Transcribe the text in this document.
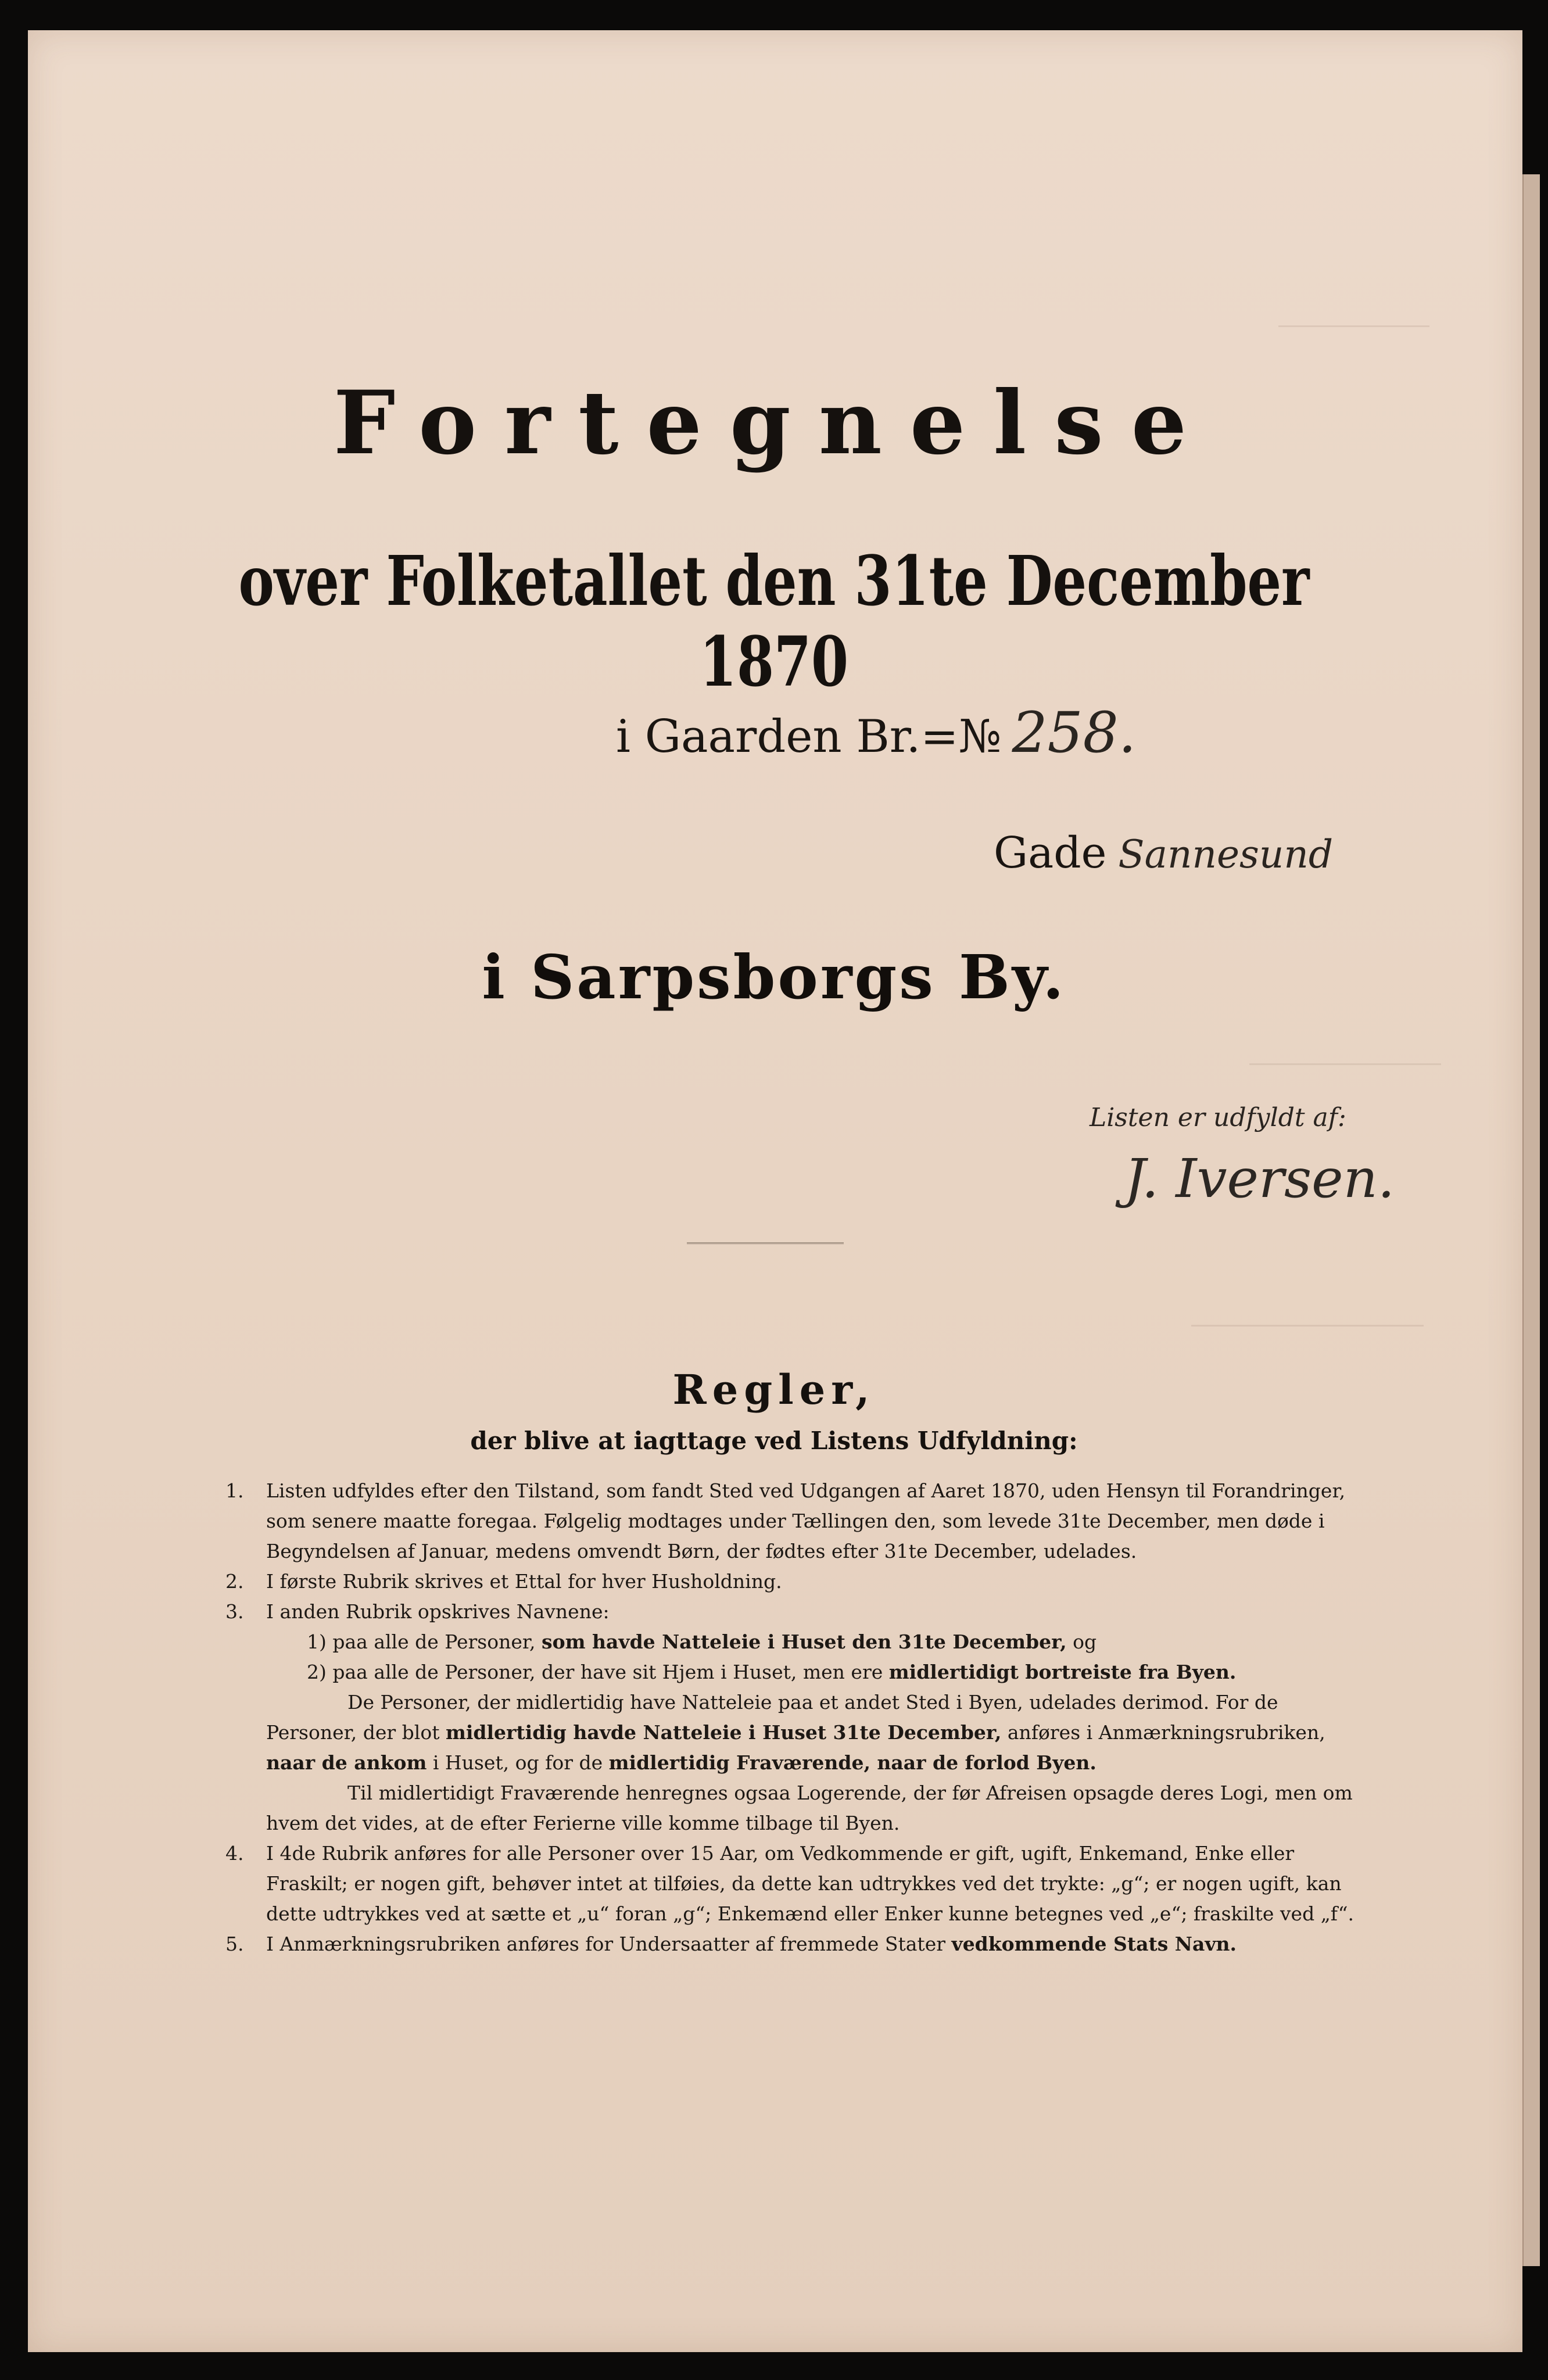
Fortegnelse
over Folketallet den 31te December 1870
i Gaarden Br.=№ 258.
Gade Sannesund
i Sarpsborgs By.
Listen er udfyldt af:
J. Iversen.
Regler,
der blive at iagttage ved Listens Udfyldning:
1. Listen udfyldes efter den Tilstand, som fandt Sted ved Udgangen af Aaret 1870, uden Hensyn til Forandringer, som senere maatte foregaa. Følgelig modtages under Tællingen den, som levede 31te December, men døde i Begyndelsen af Januar, medens omvendt Børn, der fødtes efter 31te December, udelades.
2. I første Rubrik skrives et Ettal for hver Husholdning.
3. I anden Rubrik opskrives Navnene:
1) paa alle de Personer, som havde Natteleie i Huset den 31te December, og
2) paa alle de Personer, der have sit Hjem i Huset, men ere midlertidigt bortreiste fra Byen.
De Personer, der midlertidig have Natteleie paa et andet Sted i Byen, udelades derimod. For de Personer, der blot midlertidig havde Natteleie i Huset 31te December, anføres i Anmærkningsrubriken, naar de ankom i Huset, og for de midlertidig Fraværende, naar de forlod Byen.
Til midlertidigt Fraværende henregnes ogsaa Logerende, der før Afreisen opsagde deres Logi, men om hvem det vides, at de efter Ferierne ville komme tilbage til Byen.
4. I 4de Rubrik anføres for alle Personer over 15 Aar, om Vedkommende er gift, ugift, Enkemand, Enke eller Fraskilt; er nogen gift, behøver intet at tilføies, da dette kan udtrykkes ved det trykte: „g“; er nogen ugift, kan dette udtrykkes ved at sætte et „u“ foran „g“; Enkemænd eller Enker kunne betegnes ved „e“; fraskilte ved „f“.
5. I Anmærkningsrubriken anføres for Undersaatter af fremmede Stater vedkommende Stats Navn.
